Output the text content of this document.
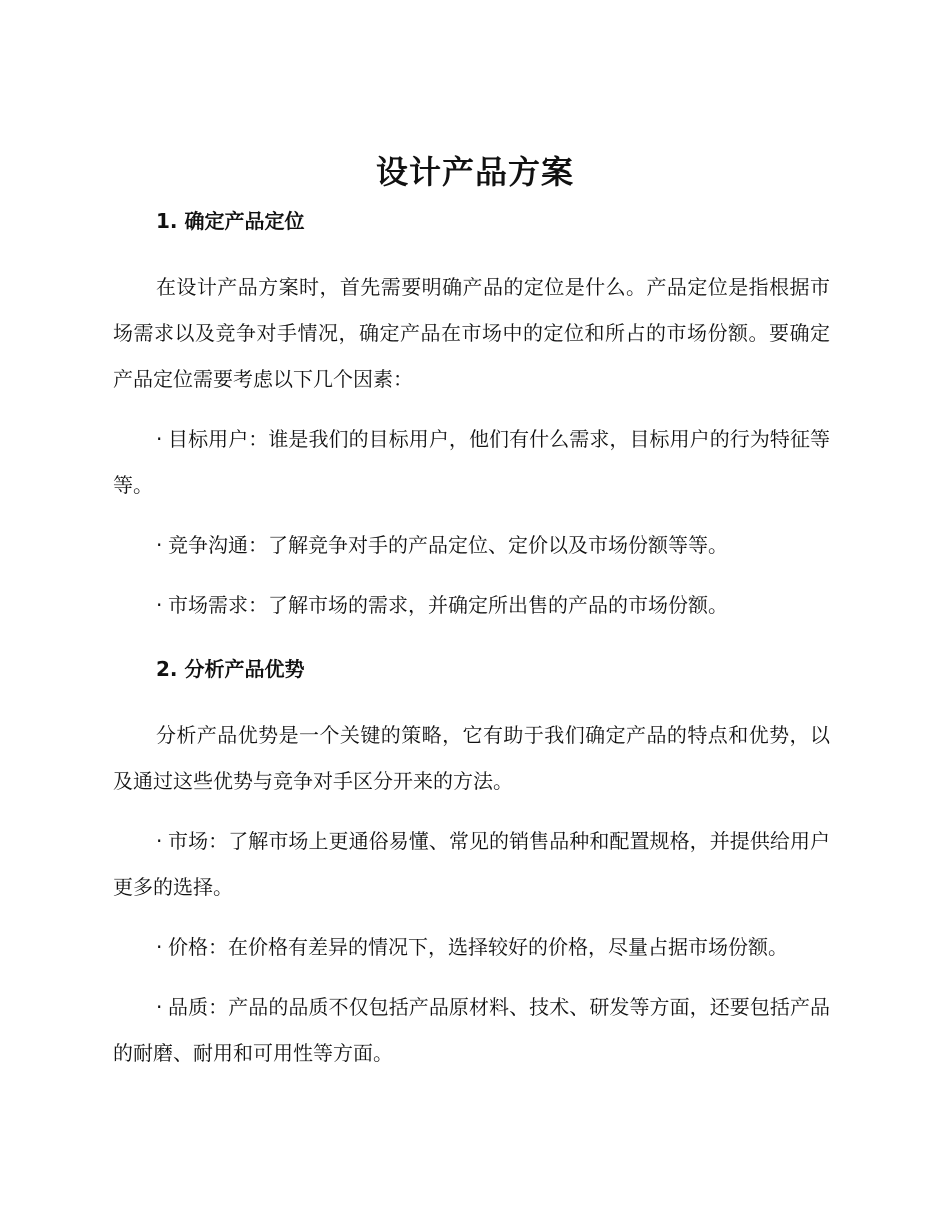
设计产品方案
1. 确定产品定位

在设计产品方案时，首先需要明确产品的定位是什么。产品定位是指根据市场需求以及竞争对手情况，确定产品在市场中的定位和所占的市场份额。要确定产品定位需要考虑以下几个因素：

· 目标用户：谁是我们的目标用户，他们有什么需求，目标用户的行为特征等等。

· 竞争沟通：了解竞争对手的产品定位、定价以及市场份额等等。

· 市场需求：了解市场的需求，并确定所出售的产品的市场份额。

2. 分析产品优势

分析产品优势是一个关键的策略，它有助于我们确定产品的特点和优势，以及通过这些优势与竞争对手区分开来的方法。

· 市场：了解市场上更通俗易懂、常见的销售品种和配置规格，并提供给用户更多的选择。

· 价格：在价格有差异的情况下，选择较好的价格，尽量占据市场份额。

· 品质：产品的品质不仅包括产品原材料、技术、研发等方面，还要包括产品的耐磨、耐用和可用性等方面。
